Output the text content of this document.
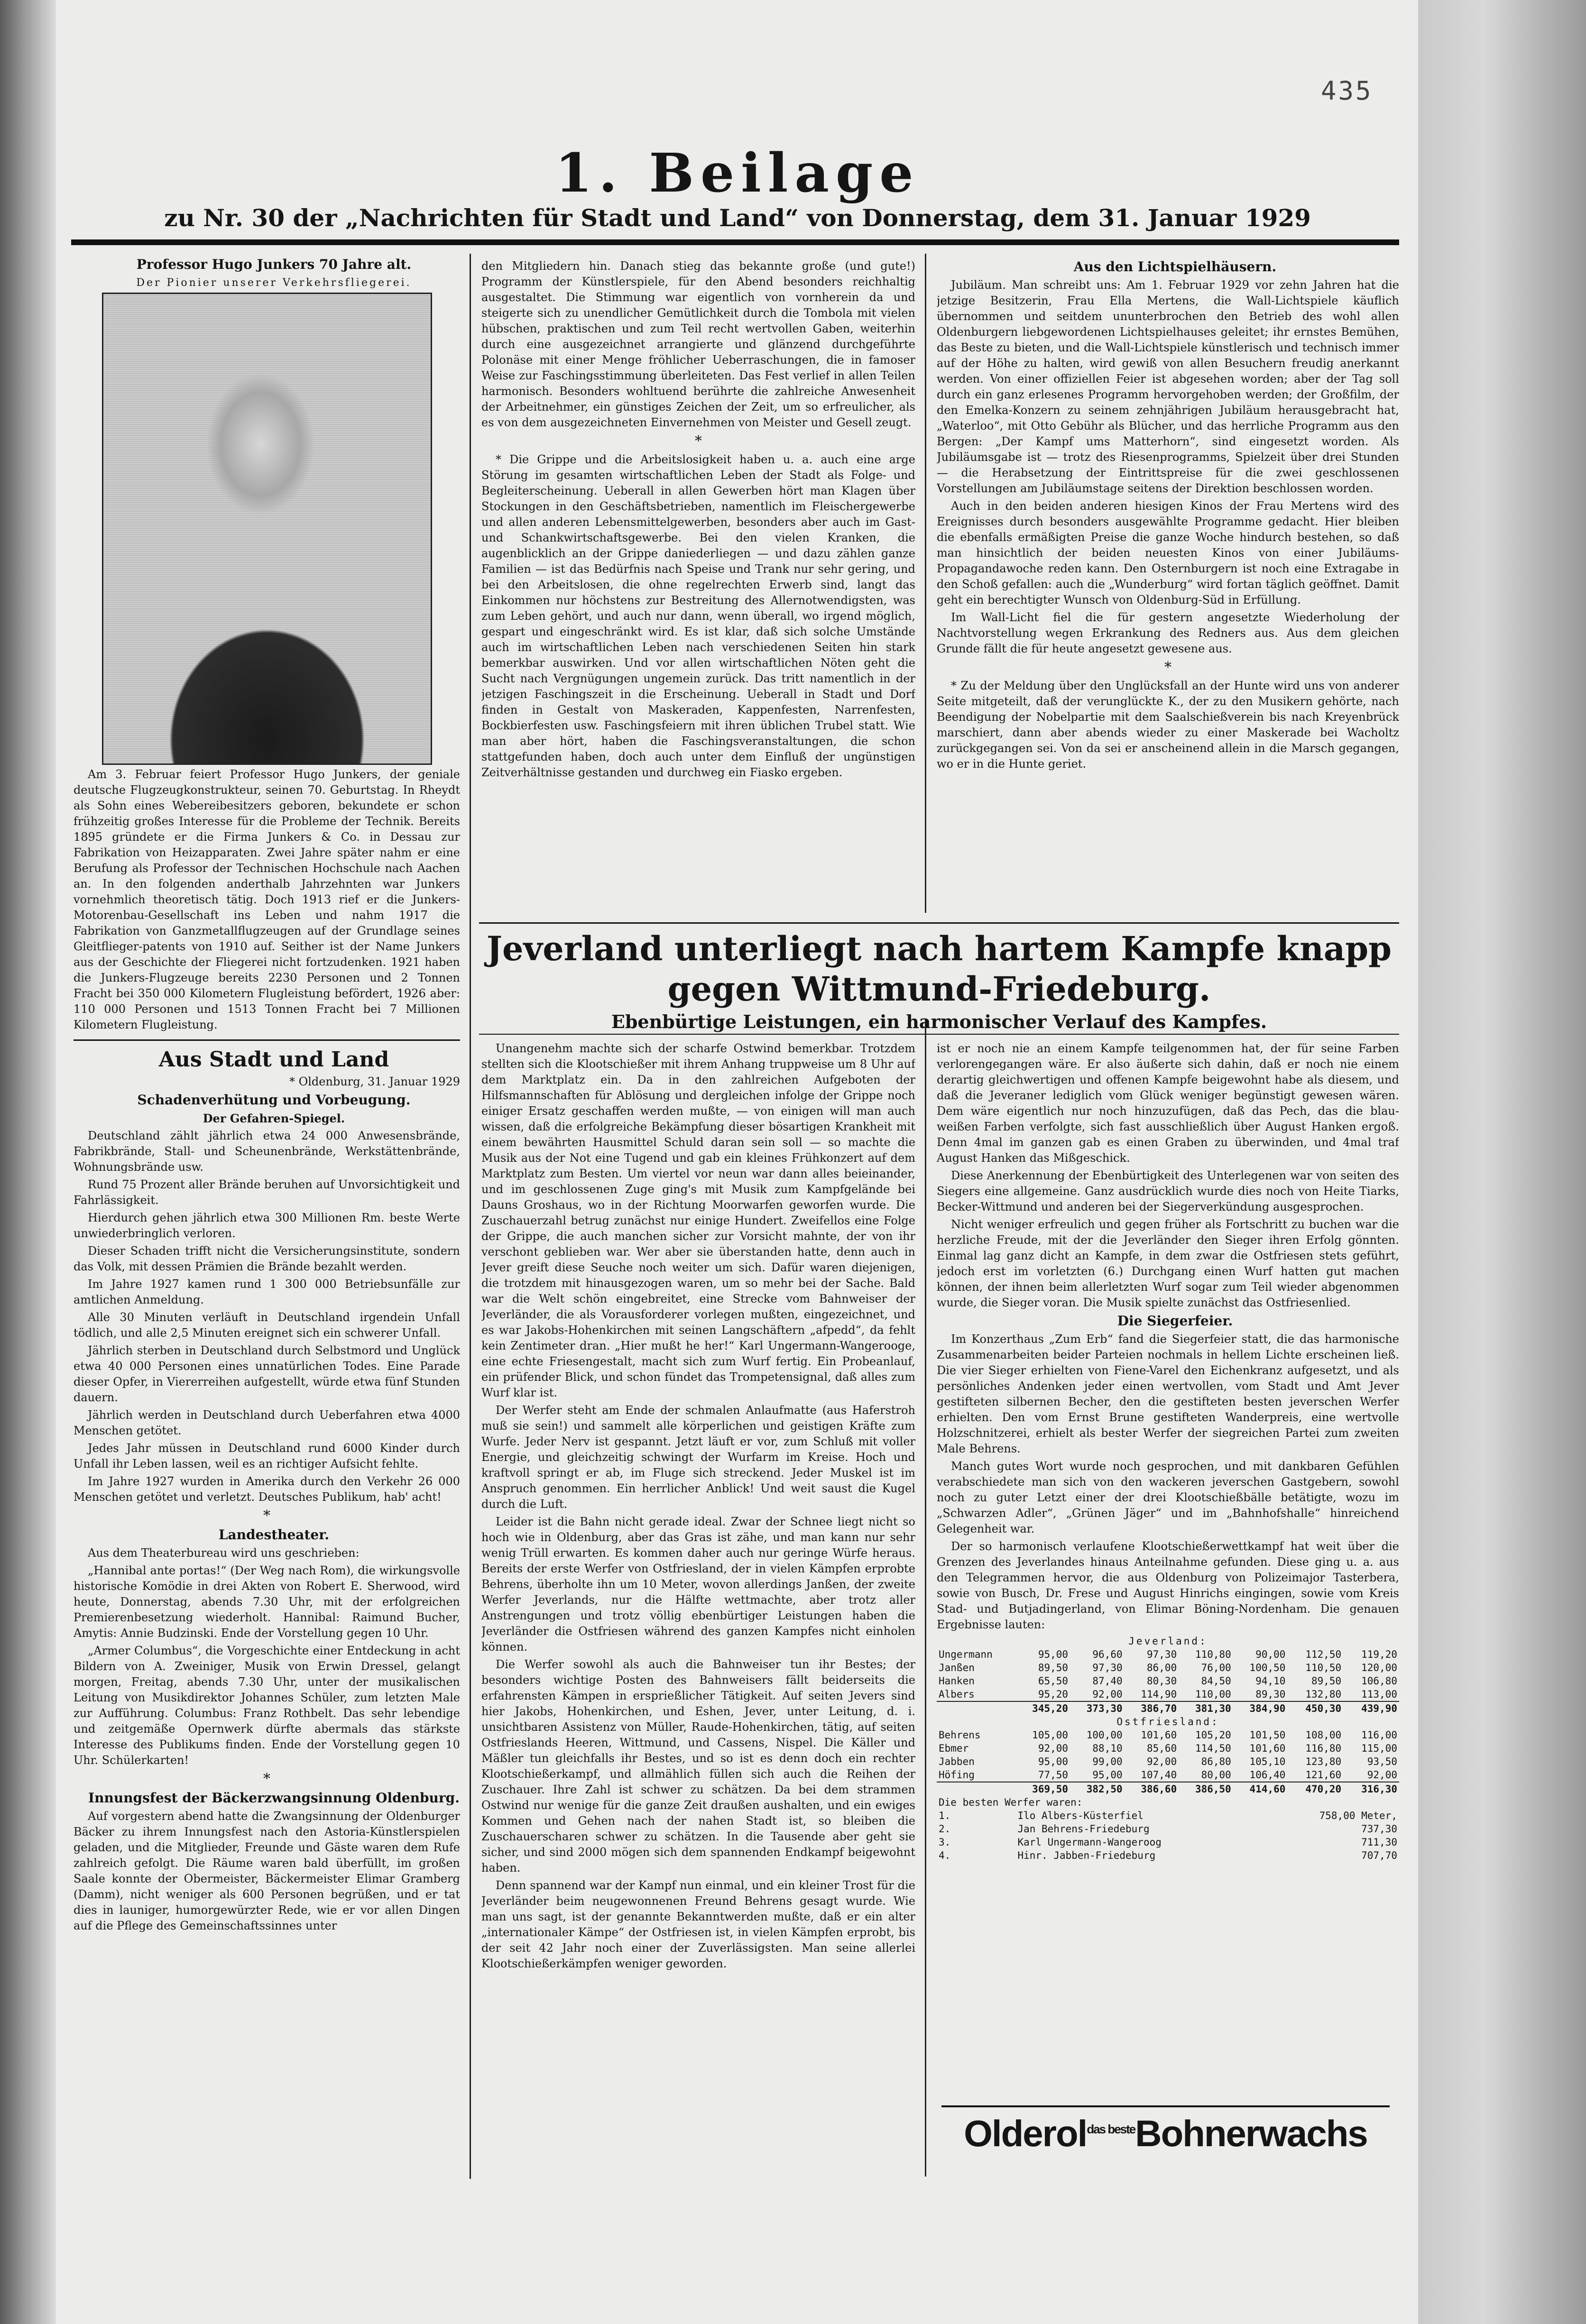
435
1. Beilage
zu Nr. 30 der „Nachrichten für Stadt und Land“ von Donnerstag, dem 31. Januar 1929

Professor Hugo Junkers 70 Jahre alt.

Der Pionier unserer Verkehrsfliegerei.

Am 3. Februar feiert Professor Hugo Junkers, der geniale deutsche Flugzeugkonstrukteur, seinen 70. Geburtstag. In Rheydt als Sohn eines Webereibesitzers geboren, bekundete er schon frühzeitig großes Interesse für die Probleme der Technik. Bereits 1895 gründete er die Firma Junkers & Co. in Dessau zur Fabrikation von Heizapparaten. Zwei Jahre später nahm er eine Berufung als Professor der Technischen Hochschule nach Aachen an. In den folgenden anderthalb Jahrzehnten war Junkers vornehmlich theoretisch tätig. Doch 1913 rief er die Junkers-Motorenbau-Gesellschaft ins Leben und nahm 1917 die Fabrikation von Ganzmetallflugzeugen auf der Grundlage seines Gleitflieger-patents von 1910 auf. Seither ist der Name Junkers aus der Geschichte der Fliegerei nicht fortzudenken. 1921 haben die Junkers-Flugzeuge bereits 2230 Personen und 2 Tonnen Fracht bei 350 000 Kilometern Flugleistung befördert, 1926 aber: 110 000 Personen und 1513 Tonnen Fracht bei 7 Millionen Kilometern Flugleistung.

Aus Stadt und Land

* Oldenburg, 31. Januar 1929

Schadenverhütung und Vorbeugung.

Der Gefahren-Spiegel.

Deutschland zählt jährlich etwa 24 000 Anwesensbrände, Fabrikbrände, Stall- und Scheunenbrände, Werkstättenbrände, Wohnungsbrände usw.

Rund 75 Prozent aller Brände beruhen auf Unvorsichtigkeit und Fahrlässigkeit.

Hierdurch gehen jährlich etwa 300 Millionen Rm. beste Werte unwiederbringlich verloren.

Dieser Schaden trifft nicht die Versicherungsinstitute, sondern das Volk, mit dessen Prämien die Brände bezahlt werden.

Im Jahre 1927 kamen rund 1 300 000 Betriebsunfälle zur amtlichen Anmeldung.

Alle 30 Minuten verläuft in Deutschland irgendein Unfall tödlich, und alle 2,5 Minuten ereignet sich ein schwerer Unfall.

Jährlich sterben in Deutschland durch Selbstmord und Unglück etwa 40 000 Personen eines unnatürlichen Todes. Eine Parade dieser Opfer, in Viererreihen aufgestellt, würde etwa fünf Stunden dauern.

Jährlich werden in Deutschland durch Ueberfahren etwa 4000 Menschen getötet.

Jedes Jahr müssen in Deutschland rund 6000 Kinder durch Unfall ihr Leben lassen, weil es an richtiger Aufsicht fehlte.

Im Jahre 1927 wurden in Amerika durch den Verkehr 26 000 Menschen getötet und verletzt. Deutsches Publikum, hab' acht!

*

Landestheater.

Aus dem Theaterbureau wird uns geschrieben:

„Hannibal ante portas!“ (Der Weg nach Rom), die wirkungsvolle historische Komödie in drei Akten von Robert E. Sherwood, wird heute, Donnerstag, abends 7.30 Uhr, mit der erfolgreichen Premierenbesetzung wiederholt. Hannibal: Raimund Bucher, Amytis: Annie Budzinski. Ende der Vorstellung gegen 10 Uhr.

„Armer Columbus“, die Vorgeschichte einer Entdeckung in acht Bildern von A. Zweiniger, Musik von Erwin Dressel, gelangt morgen, Freitag, abends 7.30 Uhr, unter der musikalischen Leitung von Musikdirektor Johannes Schüler, zum letzten Male zur Aufführung. Columbus: Franz Rothbelt. Das sehr lebendige und zeitgemäße Opernwerk dürfte abermals das stärkste Interesse des Publikums finden. Ende der Vorstellung gegen 10 Uhr. Schülerkarten!

*

Innungsfest der Bäckerzwangsinnung Oldenburg.

Auf vorgestern abend hatte die Zwangsinnung der Oldenburger Bäcker zu ihrem Innungsfest nach den Astoria-Künstlerspielen geladen, und die Mitglieder, Freunde und Gäste waren dem Rufe zahlreich gefolgt. Die Räume waren bald überfüllt, im großen Saale konnte der Obermeister, Bäckermeister Elimar Gramberg (Damm), nicht weniger als 600 Personen begrüßen, und er tat dies in launiger, humorgewürzter Rede, wie er vor allen Dingen auf die Pflege des Gemeinschaftssinnes unter

den Mitgliedern hin. Danach stieg das bekannte große (und gute!) Programm der Künstlerspiele, für den Abend besonders reichhaltig ausgestaltet. Die Stimmung war eigentlich von vornherein da und steigerte sich zu unendlicher Gemütlichkeit durch die Tombola mit vielen hübschen, praktischen und zum Teil recht wertvollen Gaben, weiterhin durch eine ausgezeichnet arrangierte und glänzend durchgeführte Polonäse mit einer Menge fröhlicher Ueberraschungen, die in famoser Weise zur Faschingsstimmung überleiteten. Das Fest verlief in allen Teilen harmonisch. Besonders wohltuend berührte die zahlreiche Anwesenheit der Arbeitnehmer, ein günstiges Zeichen der Zeit, um so erfreulicher, als es von dem ausgezeichneten Einvernehmen von Meister und Gesell zeugt.

*

* Die Grippe und die Arbeitslosigkeit haben u. a. auch eine arge Störung im gesamten wirtschaftlichen Leben der Stadt als Folge- und Begleiterscheinung. Ueberall in allen Gewerben hört man Klagen über Stockungen in den Geschäftsbetrieben, namentlich im Fleischergewerbe und allen anderen Lebensmittelgewerben, besonders aber auch im Gast- und Schankwirtschaftsgewerbe. Bei den vielen Kranken, die augenblicklich an der Grippe daniederliegen — und dazu zählen ganze Familien — ist das Bedürfnis nach Speise und Trank nur sehr gering, und bei den Arbeitslosen, die ohne regelrechten Erwerb sind, langt das Einkommen nur höchstens zur Bestreitung des Allernotwendigsten, was zum Leben gehört, und auch nur dann, wenn überall, wo irgend möglich, gespart und eingeschränkt wird. Es ist klar, daß sich solche Umstände auch im wirtschaftlichen Leben nach verschiedenen Seiten hin stark bemerkbar auswirken. Und vor allen wirtschaftlichen Nöten geht die Sucht nach Vergnügungen ungemein zurück. Das tritt namentlich in der jetzigen Faschingszeit in die Erscheinung. Ueberall in Stadt und Dorf finden in Gestalt von Maskeraden, Kappenfesten, Narrenfesten, Bockbierfesten usw. Faschingsfeiern mit ihren üblichen Trubel statt. Wie man aber hört, haben die Faschingsveranstaltungen, die schon stattgefunden haben, doch auch unter dem Einfluß der ungünstigen Zeitverhältnisse gestanden und durchweg ein Fiasko ergeben.

Aus den Lichtspielhäusern.

Jubiläum. Man schreibt uns: Am 1. Februar 1929 vor zehn Jahren hat die jetzige Besitzerin, Frau Ella Mertens, die Wall-Lichtspiele käuflich übernommen und seitdem ununterbrochen den Betrieb des wohl allen Oldenburgern liebgewordenen Lichtspielhauses geleitet; ihr ernstes Bemühen, das Beste zu bieten, und die Wall-Lichtspiele künstlerisch und technisch immer auf der Höhe zu halten, wird gewiß von allen Besuchern freudig anerkannt werden. Von einer offiziellen Feier ist abgesehen worden; aber der Tag soll durch ein ganz erlesenes Programm hervorgehoben werden; der Großfilm, der den Emelka-Konzern zu seinem zehnjährigen Jubiläum herausgebracht hat, „Waterloo“, mit Otto Gebühr als Blücher, und das herrliche Programm aus den Bergen: „Der Kampf ums Matterhorn“, sind eingesetzt worden. Als Jubiläumsgabe ist — trotz des Riesenprogramms, Spielzeit über drei Stunden — die Herabsetzung der Eintrittspreise für die zwei geschlossenen Vorstellungen am Jubiläumstage seitens der Direktion beschlossen worden.

Auch in den beiden anderen hiesigen Kinos der Frau Mertens wird des Ereignisses durch besonders ausgewählte Programme gedacht. Hier bleiben die ebenfalls ermäßigten Preise die ganze Woche hindurch bestehen, so daß man hinsichtlich der beiden neuesten Kinos von einer Jubiläums-Propagandawoche reden kann. Den Osternburgern ist noch eine Extragabe in den Schoß gefallen: auch die „Wunderburg“ wird fortan täglich geöffnet. Damit geht ein berechtigter Wunsch von Oldenburg-Süd in Erfüllung.

Im Wall-Licht fiel die für gestern angesetzte Wiederholung der Nachtvorstellung wegen Erkrankung des Redners aus. Aus dem gleichen Grunde fällt die für heute angesetzt gewesene aus.

*

* Zu der Meldung über den Unglücksfall an der Hunte wird uns von anderer Seite mitgeteilt, daß der verunglückte K., der zu den Musikern gehörte, nach Beendigung der Nobelpartie mit dem Saalschießverein bis nach Kreyenbrück marschiert, dann aber abends wieder zu einer Maskerade bei Wacholtz zurückgegangen sei. Von da sei er anscheinend allein in die Marsch gegangen, wo er in die Hunte geriet.

Jeverland unterliegt nach hartem Kampfe knapp
gegen Wittmund-Friedeburg.
Ebenbürtige Leistungen, ein harmonischer Verlauf des Kampfes.

Unangenehm machte sich der scharfe Ostwind bemerkbar. Trotzdem stellten sich die Klootschießer mit ihrem Anhang truppweise um 8 Uhr auf dem Marktplatz ein. Da in den zahlreichen Aufgeboten der Hilfsmannschaften für Ablösung und dergleichen infolge der Grippe noch einiger Ersatz geschaffen werden mußte, — von einigen will man auch wissen, daß die erfolgreiche Bekämpfung dieser bösartigen Krankheit mit einem bewährten Hausmittel Schuld daran sein soll — so machte die Musik aus der Not eine Tugend und gab ein kleines Frühkonzert auf dem Marktplatz zum Besten. Um viertel vor neun war dann alles beieinander, und im geschlossenen Zuge ging's mit Musik zum Kampfgelände bei Dauns Groshaus, wo in der Richtung Moorwarfen geworfen wurde. Die Zuschauerzahl betrug zunächst nur einige Hundert. Zweifellos eine Folge der Grippe, die auch manchen sicher zur Vorsicht mahnte, der von ihr verschont geblieben war. Wer aber sie überstanden hatte, denn auch in Jever greift diese Seuche noch weiter um sich. Dafür waren diejenigen, die trotzdem mit hinausgezogen waren, um so mehr bei der Sache. Bald war die Welt schön eingebreitet, eine Strecke vom Bahnweiser der Jeverländer, die als Vorausforderer vorlegen mußten, eingezeichnet, und es war Jakobs-Hohenkirchen mit seinen Langschäftern „afpedd“, da fehlt kein Zentimeter dran. „Hier mußt he her!“ Karl Ungermann-Wangerooge, eine echte Friesengestalt, macht sich zum Wurf fertig. Ein Probeanlauf, ein prüfender Blick, und schon fündet das Trompetensignal, daß alles zum Wurf klar ist.

Der Werfer steht am Ende der schmalen Anlaufmatte (aus Haferstroh muß sie sein!) und sammelt alle körperlichen und geistigen Kräfte zum Wurfe. Jeder Nerv ist gespannt. Jetzt läuft er vor, zum Schluß mit voller Energie, und gleichzeitig schwingt der Wurfarm im Kreise. Hoch und kraftvoll springt er ab, im Fluge sich streckend. Jeder Muskel ist im Anspruch genommen. Ein herrlicher Anblick! Und weit saust die Kugel durch die Luft.

Leider ist die Bahn nicht gerade ideal. Zwar der Schnee liegt nicht so hoch wie in Oldenburg, aber das Gras ist zähe, und man kann nur sehr wenig Trüll erwarten. Es kommen daher auch nur geringe Würfe heraus. Bereits der erste Werfer von Ostfriesland, der in vielen Kämpfen erprobte Behrens, überholte ihn um 10 Meter, wovon allerdings Janßen, der zweite Werfer Jeverlands, nur die Hälfte wettmachte, aber trotz aller Anstrengungen und trotz völlig ebenbürtiger Leistungen haben die Jeverländer die Ostfriesen während des ganzen Kampfes nicht einholen können.

Die Werfer sowohl als auch die Bahnweiser tun ihr Bestes; der besonders wichtige Posten des Bahnweisers fällt beiderseits die erfahrensten Kämpen in ersprießlicher Tätigkeit. Auf seiten Jevers sind hier Jakobs, Hohenkirchen, und Eshen, Jever, unter Leitung, d. i. unsichtbaren Assistenz von Müller, Raude-Hohenkirchen, tätig, auf seiten Ostfrieslands Heeren, Wittmund, und Cassens, Nispel. Die Käller und Mäßler tun gleichfalls ihr Bestes, und so ist es denn doch ein rechter Klootschießerkampf, und allmählich füllen sich auch die Reihen der Zuschauer. Ihre Zahl ist schwer zu schätzen. Da bei dem strammen Ostwind nur wenige für die ganze Zeit draußen aushalten, und ein ewiges Kommen und Gehen nach der nahen Stadt ist, so bleiben die Zuschauerscharen schwer zu schätzen. In die Tausende aber geht sie sicher, und sind 2000 mögen sich dem spannenden Endkampf beigewohnt haben.

Denn spannend war der Kampf nun einmal, und ein kleiner Trost für die Jeverländer beim neugewonnenen Freund Behrens gesagt wurde. Wie man uns sagt, ist der genannte Bekanntwerden mußte, daß er ein alter „internationaler Kämpe“ der Ostfriesen ist, in vielen Kämpfen erprobt, bis der seit 42 Jahr noch einer der Zuverlässigsten. Man seine allerlei Klootschießerkämpfen weniger geworden.

ist er noch nie an einem Kampfe teilgenommen hat, der für seine Farben verlorengegangen wäre. Er also äußerte sich dahin, daß er noch nie einem derartig gleichwertigen und offenen Kampfe beigewohnt habe als diesem, und daß die Jeveraner lediglich vom Glück weniger begünstigt gewesen wären. Dem wäre eigentlich nur noch hinzuzufügen, daß das Pech, das die blau-weißen Farben verfolgte, sich fast ausschließlich über August Hanken ergoß. Denn 4mal im ganzen gab es einen Graben zu überwinden, und 4mal traf August Hanken das Mißgeschick.

Diese Anerkennung der Ebenbürtigkeit des Unterlegenen war von seiten des Siegers eine allgemeine. Ganz ausdrücklich wurde dies noch von Heite Tiarks, Becker-Wittmund und anderen bei der Siegerverkündung ausgesprochen.

Nicht weniger erfreulich und gegen früher als Fortschritt zu buchen war die herzliche Freude, mit der die Jeverländer den Sieger ihren Erfolg gönnten. Einmal lag ganz dicht an Kampfe, in dem zwar die Ostfriesen stets geführt, jedoch erst im vorletzten (6.) Durchgang einen Wurf hatten gut machen können, der ihnen beim allerletzten Wurf sogar zum Teil wieder abgenommen wurde, die Sieger voran. Die Musik spielte zunächst das Ostfriesenlied.

Die Siegerfeier.

Im Konzerthaus „Zum Erb“ fand die Siegerfeier statt, die das harmonische Zusammenarbeiten beider Parteien nochmals in hellem Lichte erscheinen ließ. Die vier Sieger erhielten von Fiene-Varel den Eichenkranz aufgesetzt, und als persönliches Andenken jeder einen wertvollen, vom Stadt und Amt Jever gestifteten silbernen Becher, den die gestifteten besten jeverschen Werfer erhielten. Den vom Ernst Brune gestifteten Wanderpreis, eine wertvolle Holzschnitzerei, erhielt als bester Werfer der siegreichen Partei zum zweiten Male Behrens.

Manch gutes Wort wurde noch gesprochen, und mit dankbaren Gefühlen verabschiedete man sich von den wackeren jeverschen Gastgebern, sowohl noch zu guter Letzt einer der drei Klootschießbälle betätigte, wozu im „Schwarzen Adler“, „Grünen Jäger“ und im „Bahnhofshalle“ hinreichend Gelegenheit war.

Der so harmonisch verlaufene Klootschießerwettkampf hat weit über die Grenzen des Jeverlandes hinaus Anteilnahme gefunden. Diese ging u. a. aus den Telegrammen hervor, die aus Oldenburg von Polizeimajor Tasterbera, sowie von Busch, Dr. Frese und August Hinrichs eingingen, sowie vom Kreis Stad- und Butjadingerland, von Elimar Böning-Nordenham. Die genauen Ergebnisse lauten:

Jeverland:							
Ungermann	95,00	96,60	97,30	110,80	90,00	112,50	119,20
Janßen	89,50	97,30	86,00	76,00	100,50	110,50	120,00
Hanken	65,50	87,40	80,30	84,50	94,10	89,50	106,80
Albers	95,20	92,00	114,90	110,00	89,30	132,80	113,00
	345,20	373,30	386,70	381,30	384,90	450,30	439,90
Ostfriesland:							
Behrens	105,00	100,00	101,60	105,20	101,50	108,00	116,00
Ebmer	92,00	88,10	85,60	114,50	101,60	116,80	115,00
Jabben	95,00	99,00	92,00	86,80	105,10	123,80	93,50
Höfing	77,50	95,00	107,40	80,00	106,40	121,60	92,00
	369,50	382,50	386,60	386,50	414,60	470,20	316,30
Die besten Werfer waren:							
1.	Ilo Albers-Küsterfiel					758,00 Meter,	
2.	Jan Behrens-Friedeburg					737,30	
3.	Karl Ungermann-Wangeroog					711,30	
4.	Hinr. Jabben-Friedeburg					707,70	
Olderol$^{das beste}$Bohnerwachs
